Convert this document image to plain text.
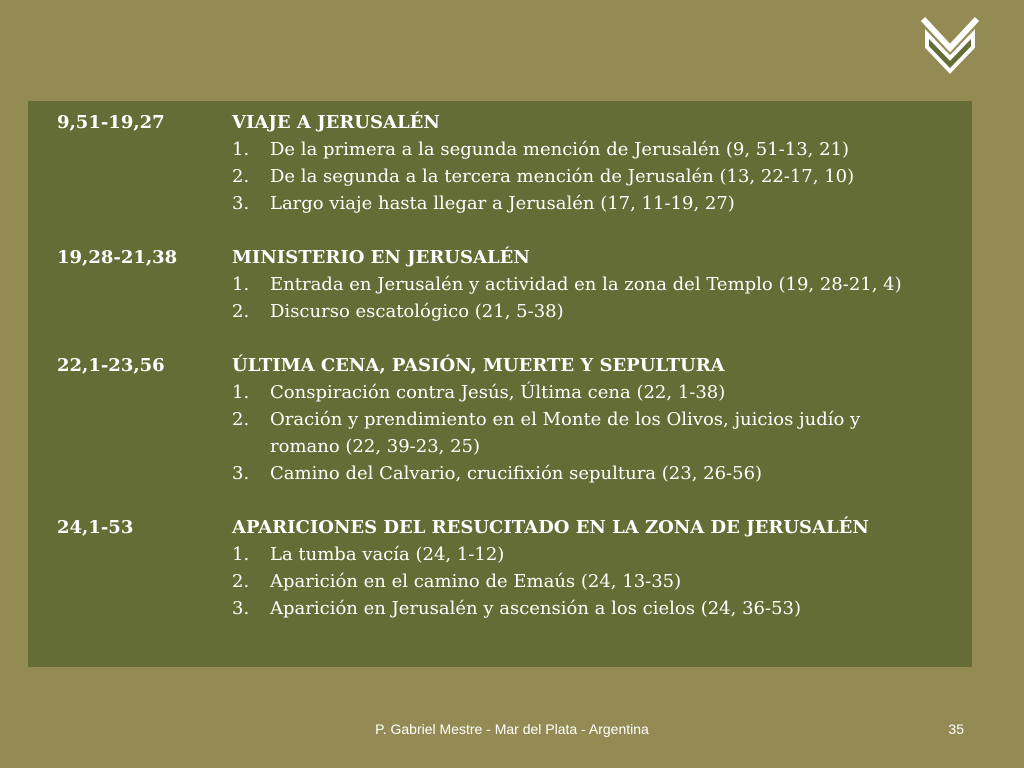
9,51-19,27	VIAJE A JERUSALÉN
1. De la primera a la segunda mención de Jerusalén (9, 51-13, 21)
2. De la segunda a la tercera mención de Jerusalén (13, 22-17, 10)
3. Largo viaje hasta llegar a Jerusalén (17, 11-19, 27)
19,28-21,38	MINISTERIO EN JERUSALÉN
1. Entrada en Jerusalén y actividad en la zona del Templo (19, 28-21, 4)
2. Discurso escatológico (21, 5-38)
22,1-23,56	ÚLTIMA CENA, PASIÓN, MUERTE Y SEPULTURA
1. Conspiración contra Jesús, Última cena (22, 1-38)
2. Oración y prendimiento en el Monte de los Olivos, juicios judío y romano (22, 39-23, 25)
3. Camino del Calvario, crucifixión sepultura (23, 26-56)
24,1-53	APARICIONES DEL RESUCITADO EN LA ZONA DE JERUSALÉN
1. La tumba vacía (24, 1-12)
2. Aparición en el camino de Emaús (24, 13-35)
3. Aparición en Jerusalén y ascensión a los cielos (24, 36-53)
P. Gabriel Mestre - Mar del Plata - Argentina	35
